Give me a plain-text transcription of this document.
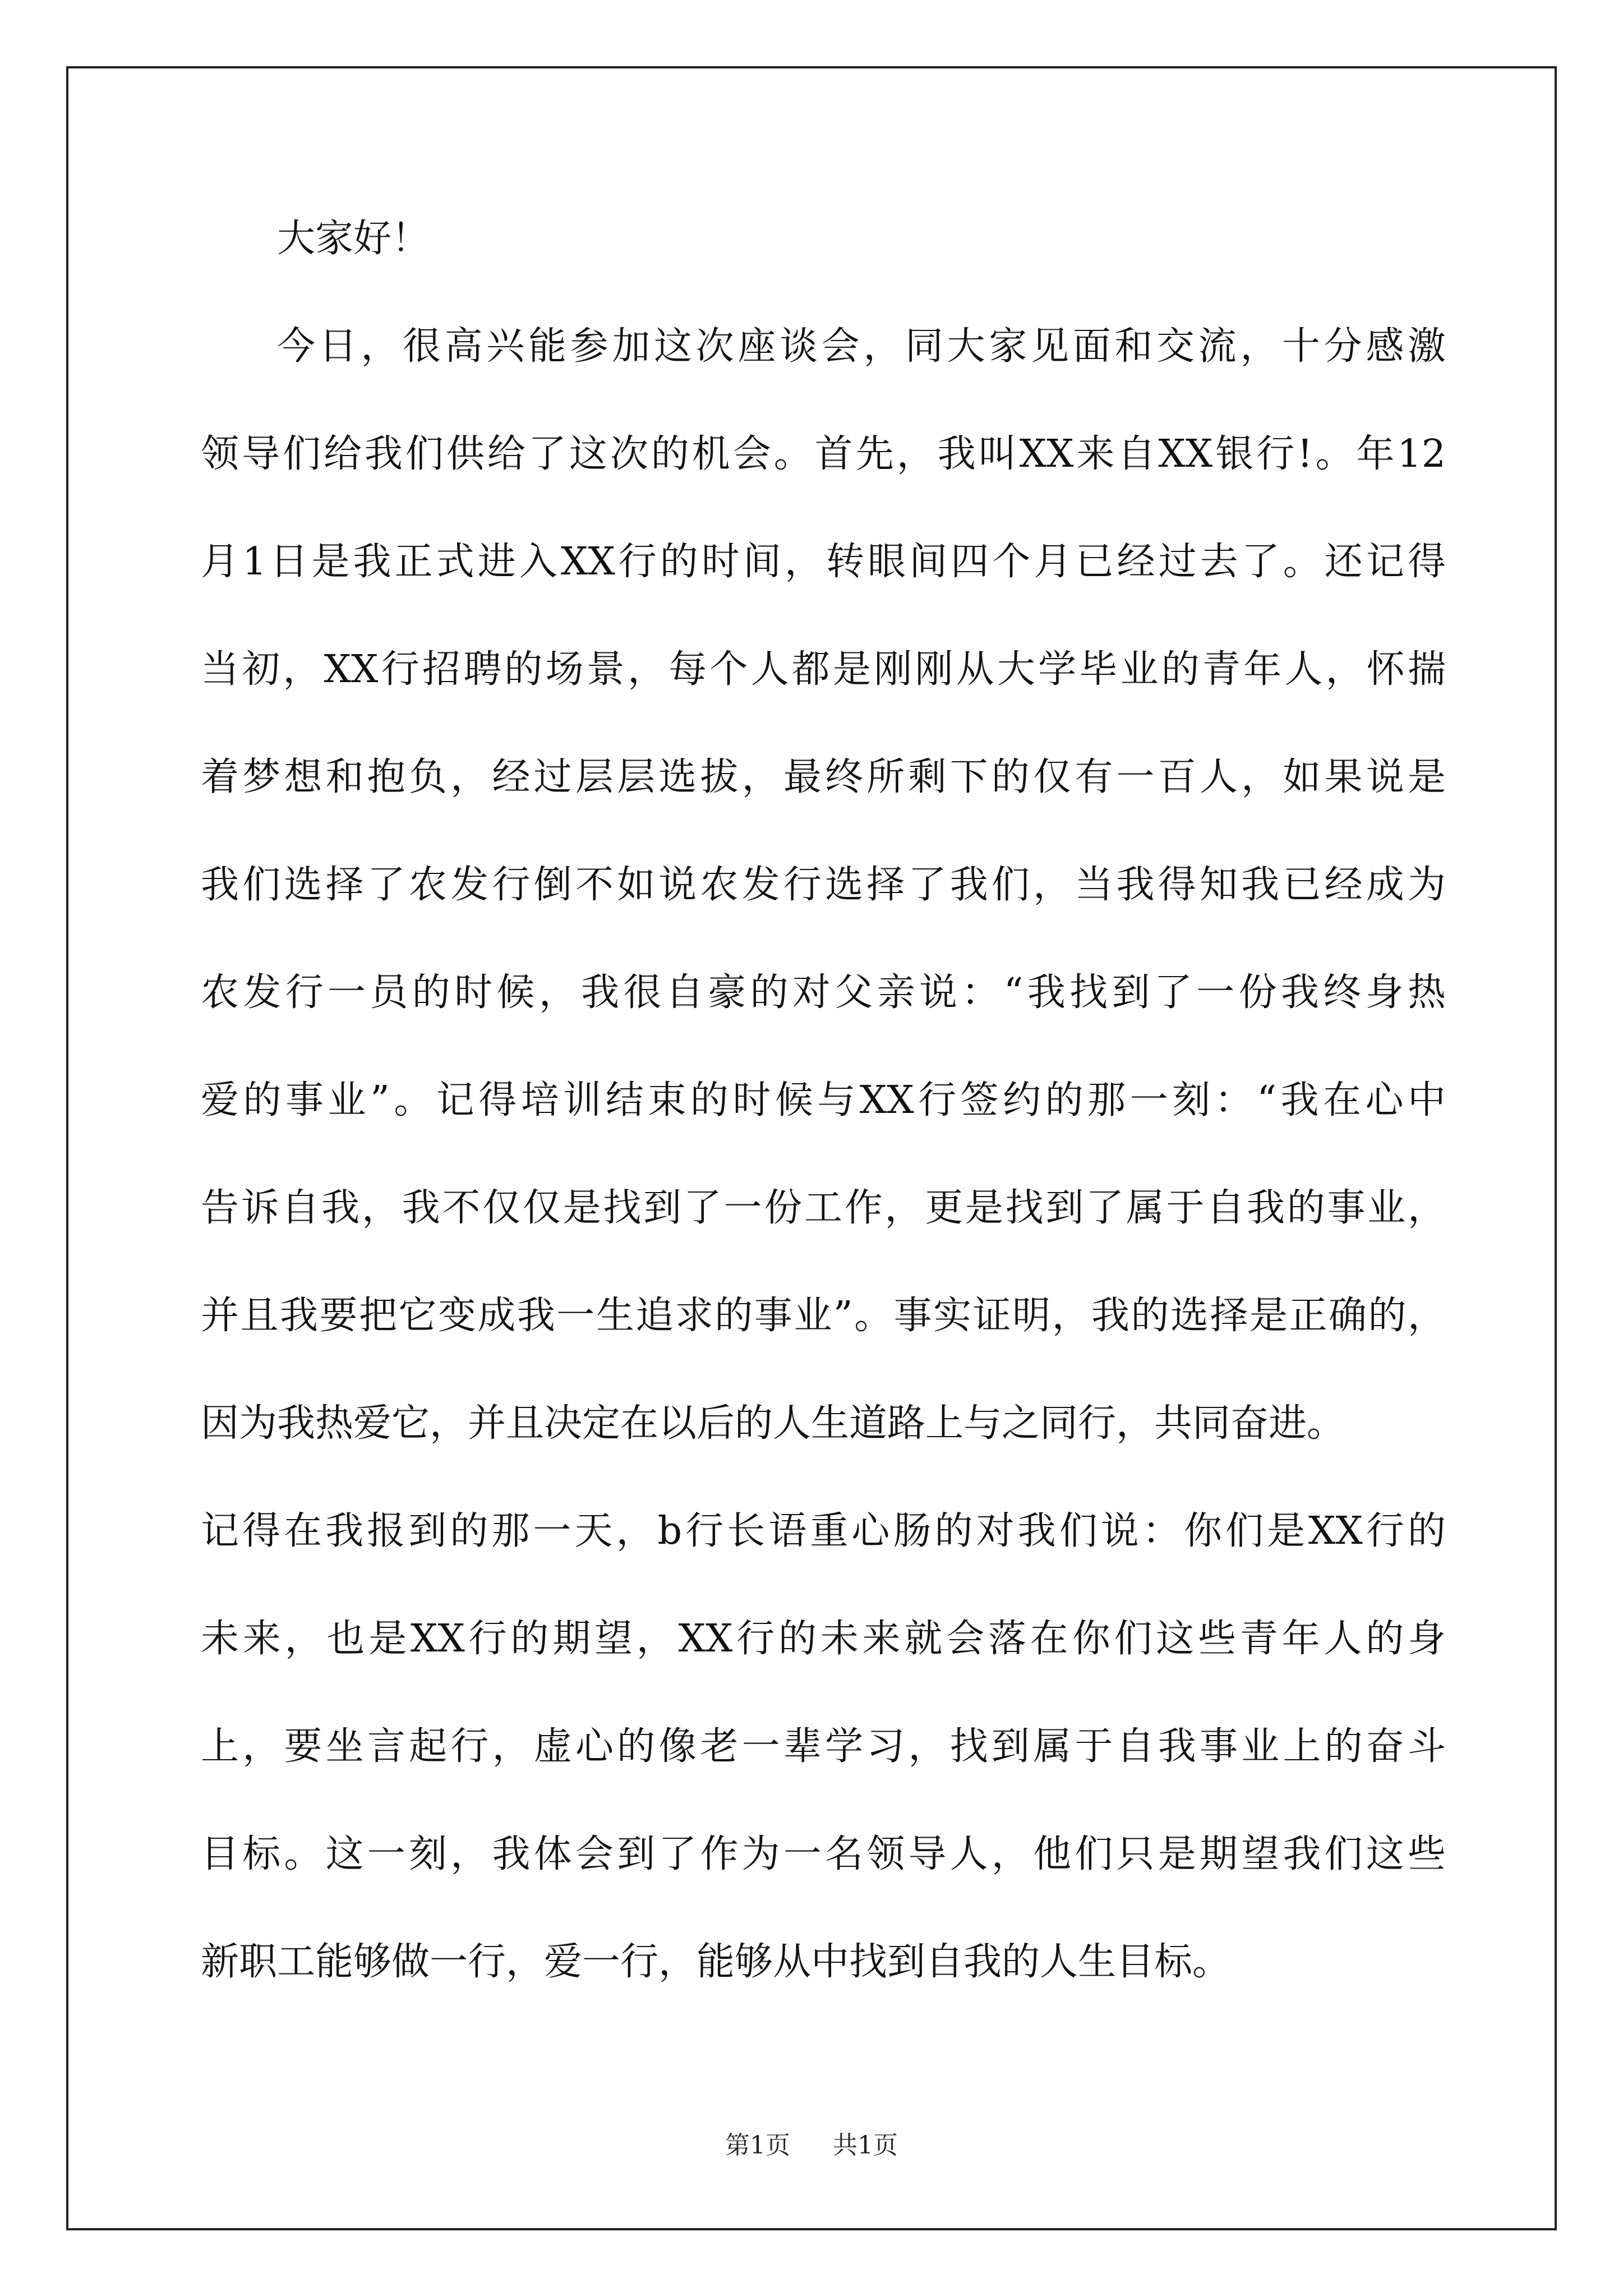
大家好！
今日，很高兴能参加这次座谈会，同大家见面和交流，十分感激
领导们给我们供给了这次的机会。首先，我叫XX来自XX银行!。年12
月1日是我正式进入XX行的时间，转眼间四个月已经过去了。还记得
当初，XX行招聘的场景，每个人都是刚刚从大学毕业的青年人，怀揣
着梦想和抱负，经过层层选拔，最终所剩下的仅有一百人，如果说是
我们选择了农发行倒不如说农发行选择了我们，当我得知我已经成为
农发行一员的时候，我很自豪的对父亲说：“我找到了一份我终身热
爱的事业”。记得培训结束的时候与XX行签约的那一刻：“我在心中
告诉自我，我不仅仅是找到了一份工作，更是找到了属于自我的事业，
并且我要把它变成我一生追求的事业”。事实证明，我的选择是正确的，
因为我热爱它，并且决定在以后的人生道路上与之同行，共同奋进。
记得在我报到的那一天，b行长语重心肠的对我们说：你们是XX行的
未来，也是XX行的期望，XX行的未来就会落在你们这些青年人的身
上，要坐言起行，虚心的像老一辈学习，找到属于自我事业上的奋斗
目标。这一刻，我体会到了作为一名领导人，他们只是期望我们这些
新职工能够做一行，爱一行，能够从中找到自我的人生目标。
第1页 共1页
